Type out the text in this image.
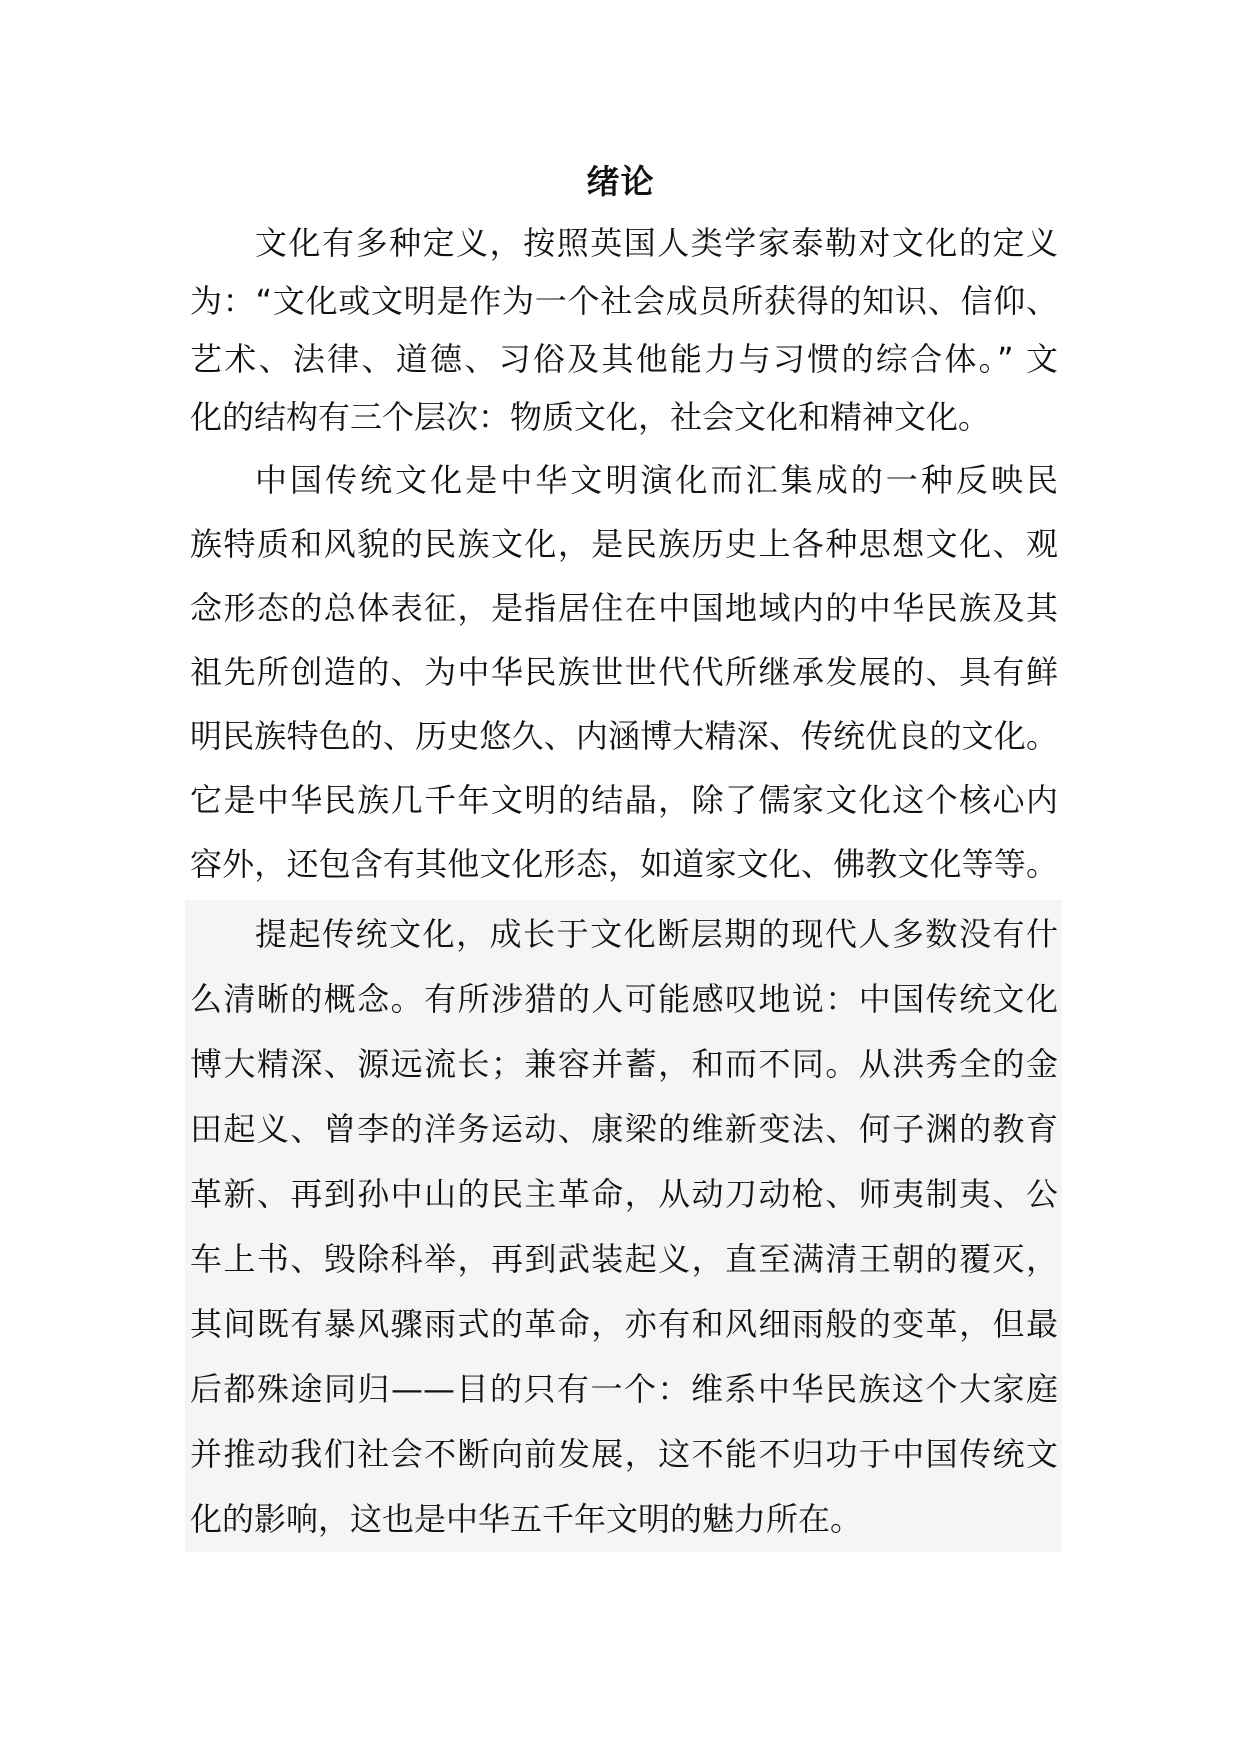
绪论
文化有多种定义，按照英国人类学家泰勒对文化的定义
为：“文化或文明是作为一个社会成员所获得的知识、信仰、
艺术、法律、道德、习俗及其他能力与习惯的综合体。” 文
化的结构有三个层次：物质文化，社会文化和精神文化。
中国传统文化是中华文明演化而汇集成的一种反映民
族特质和风貌的民族文化，是民族历史上各种思想文化、观
念形态的总体表征，是指居住在中国地域内的中华民族及其
祖先所创造的、为中华民族世世代代所继承发展的、具有鲜
明民族特色的、历史悠久、内涵博大精深、传统优良的文化。
它是中华民族几千年文明的结晶，除了儒家文化这个核心内
容外，还包含有其他文化形态，如道家文化、佛教文化等等。
提起传统文化，成长于文化断层期的现代人多数没有什
么清晰的概念。有所涉猎的人可能感叹地说：中国传统文化
博大精深、源远流长；兼容并蓄，和而不同。从洪秀全的金
田起义、曾李的洋务运动、康梁的维新变法、何子渊的教育
革新、再到孙中山的民主革命，从动刀动枪、师夷制夷、公
车上书、毁除科举，再到武装起义，直至满清王朝的覆灭，
其间既有暴风骤雨式的革命，亦有和风细雨般的变革，但最
后都殊途同归——目的只有一个：维系中华民族这个大家庭
并推动我们社会不断向前发展，这不能不归功于中国传统文
化的影响，这也是中华五千年文明的魅力所在。
